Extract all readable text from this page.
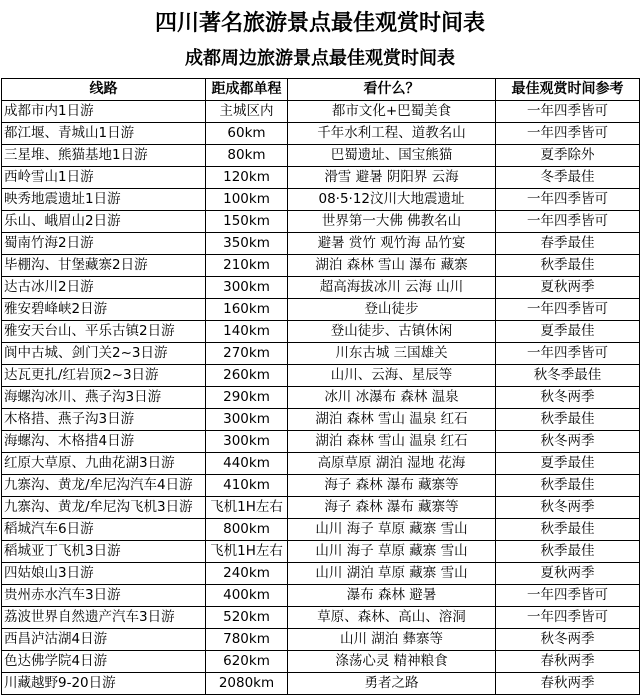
四川著名旅游景点最佳观赏时间表
成都周边旅游景点最佳观赏时间表
线路	距成都单程	看什么？	最佳观赏时间参考
成都市内1日游	主城区内	都市文化+巴蜀美食	一年四季皆可
都江堰、青城山1日游	60km	千年水利工程、道教名山	一年四季皆可
三星堆、熊猫基地1日游	80km	巴蜀遗址、国宝熊猫	夏季除外
西岭雪山1日游	120km	滑雪 避暑 阴阳界 云海	冬季最佳
映秀地震遗址1日游	100km	08·5·12汶川大地震遗址	一年四季皆可
乐山、峨眉山2日游	150km	世界第一大佛 佛教名山	一年四季皆可
蜀南竹海2日游	350km	避暑 赏竹 观竹海 品竹宴	春季最佳
毕棚沟、甘堡藏寨2日游	210km	湖泊 森林 雪山 瀑布 藏寨	秋季最佳
达古冰川2日游	300km	超高海拔冰川 云海 山川	夏秋两季
雅安碧峰峡2日游	160km	登山徒步	一年四季皆可
雅安天台山、平乐古镇2日游	140km	登山徒步、古镇休闲	夏季最佳
阆中古城、剑门关2~3日游	270km	川东古城 三国雄关	一年四季皆可
达瓦更扎/红岩顶2~3日游	260km	山川、云海、星辰等	秋冬季最佳
海螺沟冰川、燕子沟3日游	290km	冰川 冰瀑布 森林 温泉	秋冬两季
木格措、燕子沟3日游	300km	湖泊 森林 雪山 温泉 红石	秋季最佳
海螺沟、木格措4日游	300km	湖泊 森林 雪山 温泉 红石	秋冬两季
红原大草原、九曲花湖3日游	440km	高原草原 湖泊 湿地 花海	夏季最佳
九寨沟、黄龙/牟尼沟汽车4日游	410km	海子 森林 瀑布 藏寨等	秋季最佳
九寨沟、黄龙/牟尼沟飞机3日游	飞机1H左右	海子 森林 瀑布 藏寨等	秋冬两季
稻城汽车6日游	800km	山川 海子 草原 藏寨 雪山	秋季最佳
稻城亚丁飞机3日游	飞机1H左右	山川 海子 草原 藏寨 雪山	秋季最佳
四姑娘山3日游	240km	山川 湖泊 草原 藏寨 雪山	夏秋两季
贵州赤水汽车3日游	400km	瀑布 森林 避暑	一年四季皆可
荔波世界自然遗产汽车3日游	520km	草原、森林、高山、溶洞	一年四季皆可
西昌泸沽湖4日游	780km	山川 湖泊 彝寨等	秋冬两季
色达佛学院4日游	620km	涤荡心灵 精神粮食	春秋两季
川藏越野9-20日游	2080km	勇者之路	春秋两季
